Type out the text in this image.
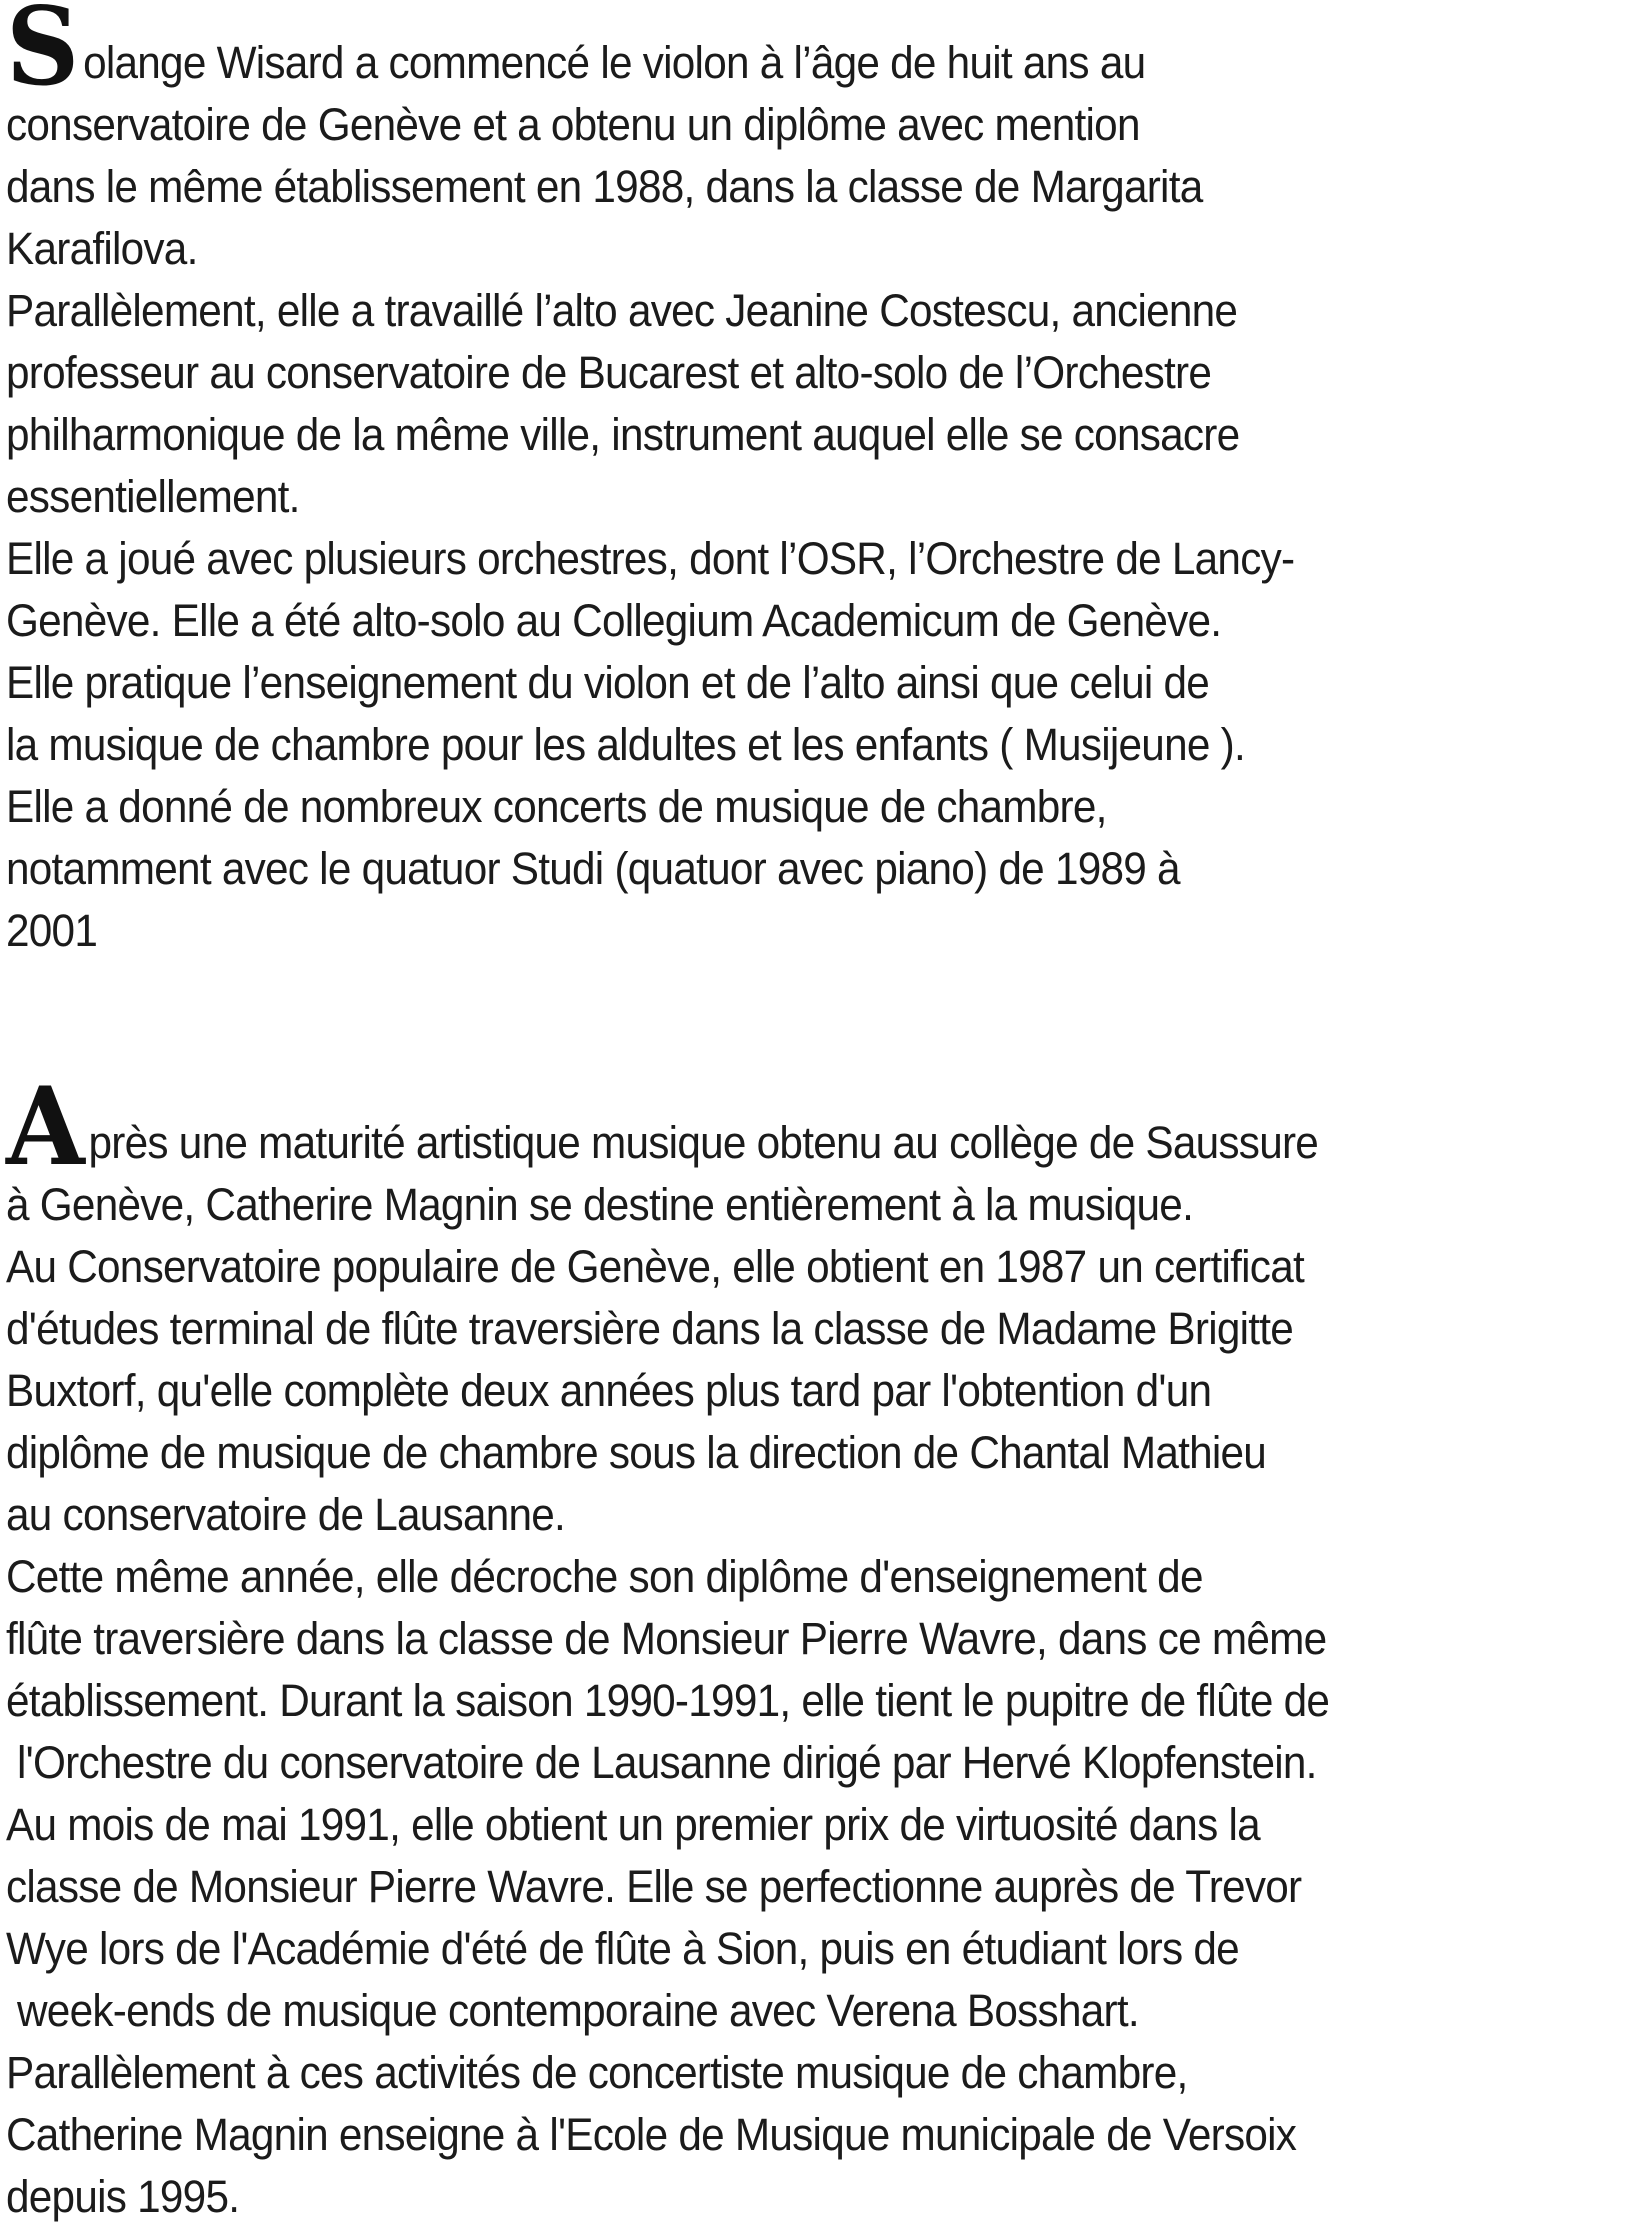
S olange Wisard a commencé le violon à l’âge de huit ans au
conservatoire de Genève et a obtenu un diplôme avec mention
dans le même établissement en 1988, dans la classe de Margarita
Karafilova.
Parallèlement, elle a travaillé l’alto avec Jeanine Costescu, ancienne
professeur au conservatoire de Bucarest et alto-solo de l’Orchestre
philharmonique de la même ville, instrument auquel elle se consacre
essentiellement.
Elle a joué avec plusieurs orchestres, dont l’OSR, l’Orchestre de Lancy-
Genève. Elle a été alto-solo au Collegium Academicum de Genève.
Elle pratique l’enseignement du violon et de l’alto ainsi que celui de
la musique de chambre pour les aldultes et les enfants ( Musijeune ).
Elle a donné de nombreux concerts de musique de chambre,
notamment avec le quatuor Studi (quatuor avec piano) de 1989 à
2001
A près une maturité artistique musique obtenu au collège de Saussure
à Genève, Catherire Magnin se destine entièrement à la musique.
Au Conservatoire populaire de Genève, elle obtient en 1987 un certificat
d'études terminal de flûte traversière dans la classe de Madame Brigitte
Buxtorf, qu'elle complète deux années plus tard par l'obtention d'un
diplôme de musique de chambre sous la direction de Chantal Mathieu
au conservatoire de Lausanne.
Cette même année, elle décroche son diplôme d'enseignement de
flûte traversière dans la classe de Monsieur Pierre Wavre, dans ce même
établissement. Durant la saison 1990-1991, elle tient le pupitre de flûte de
l'Orchestre du conservatoire de Lausanne dirigé par Hervé Klopfenstein.
Au mois de mai 1991, elle obtient un premier prix de virtuosité dans la
classe de Monsieur Pierre Wavre. Elle se perfectionne auprès de Trevor
Wye lors de l'Académie d'été de flûte à Sion, puis en étudiant lors de
week-ends de musique contemporaine avec Verena Bosshart.
Parallèlement à ces activités de concertiste musique de chambre,
Catherine Magnin enseigne à l'Ecole de Musique municipale de Versoix
depuis 1995.
